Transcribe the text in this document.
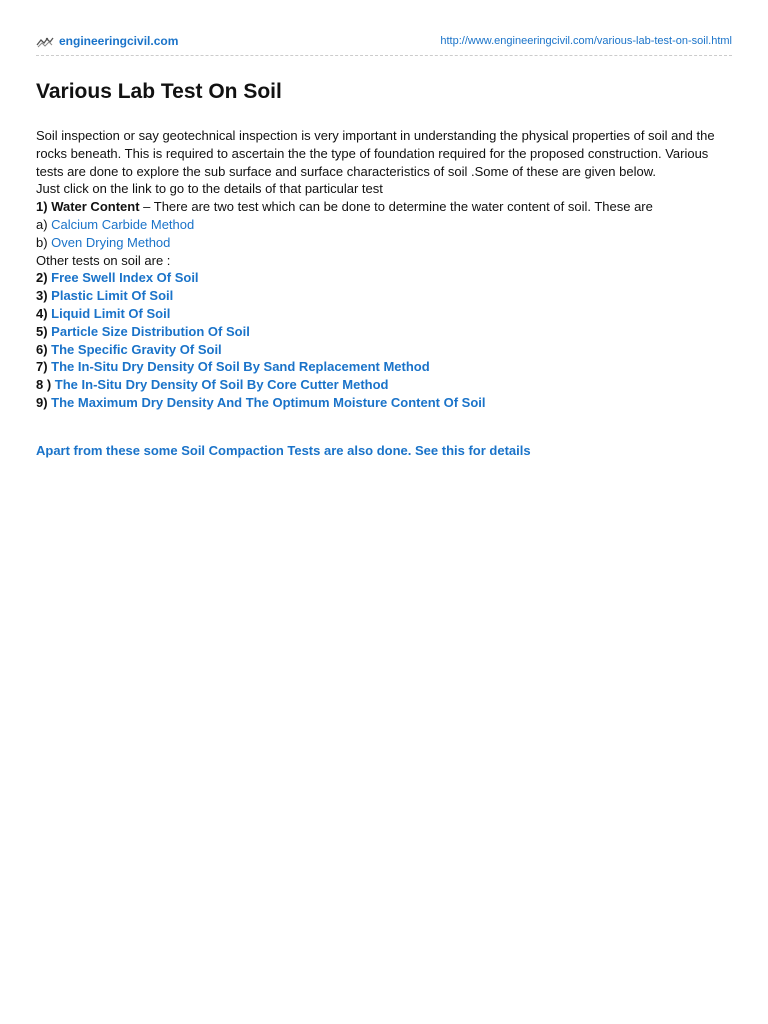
engineeringcivil.com	http://www.engineeringcivil.com/various-lab-test-on-soil.html
Various Lab Test On Soil

Soil inspection or say geotechnical inspection is very important in understanding the physical properties of soil and the rocks beneath. This is required to ascertain the the type of foundation required for the proposed construction. Various tests are done to explore the sub surface and surface characteristics of soil .Some of these are given below.

Just click on the link to go to the details of that particular test

1) Water Content – There are two test which can be done to determine the water content of soil. These are

a) Calcium Carbide Method

b) Oven Drying Method

Other tests on soil are :

2) Free Swell Index Of Soil

3) Plastic Limit Of Soil

4) Liquid Limit Of Soil

5) Particle Size Distribution Of Soil

6) The Specific Gravity Of Soil

7) The In-Situ Dry Density Of Soil By Sand Replacement Method

8 ) The In-Situ Dry Density Of Soil By Core Cutter Method

9) The Maximum Dry Density And The Optimum Moisture Content Of Soil

Apart from these some Soil Compaction Tests are also done. See this for details
